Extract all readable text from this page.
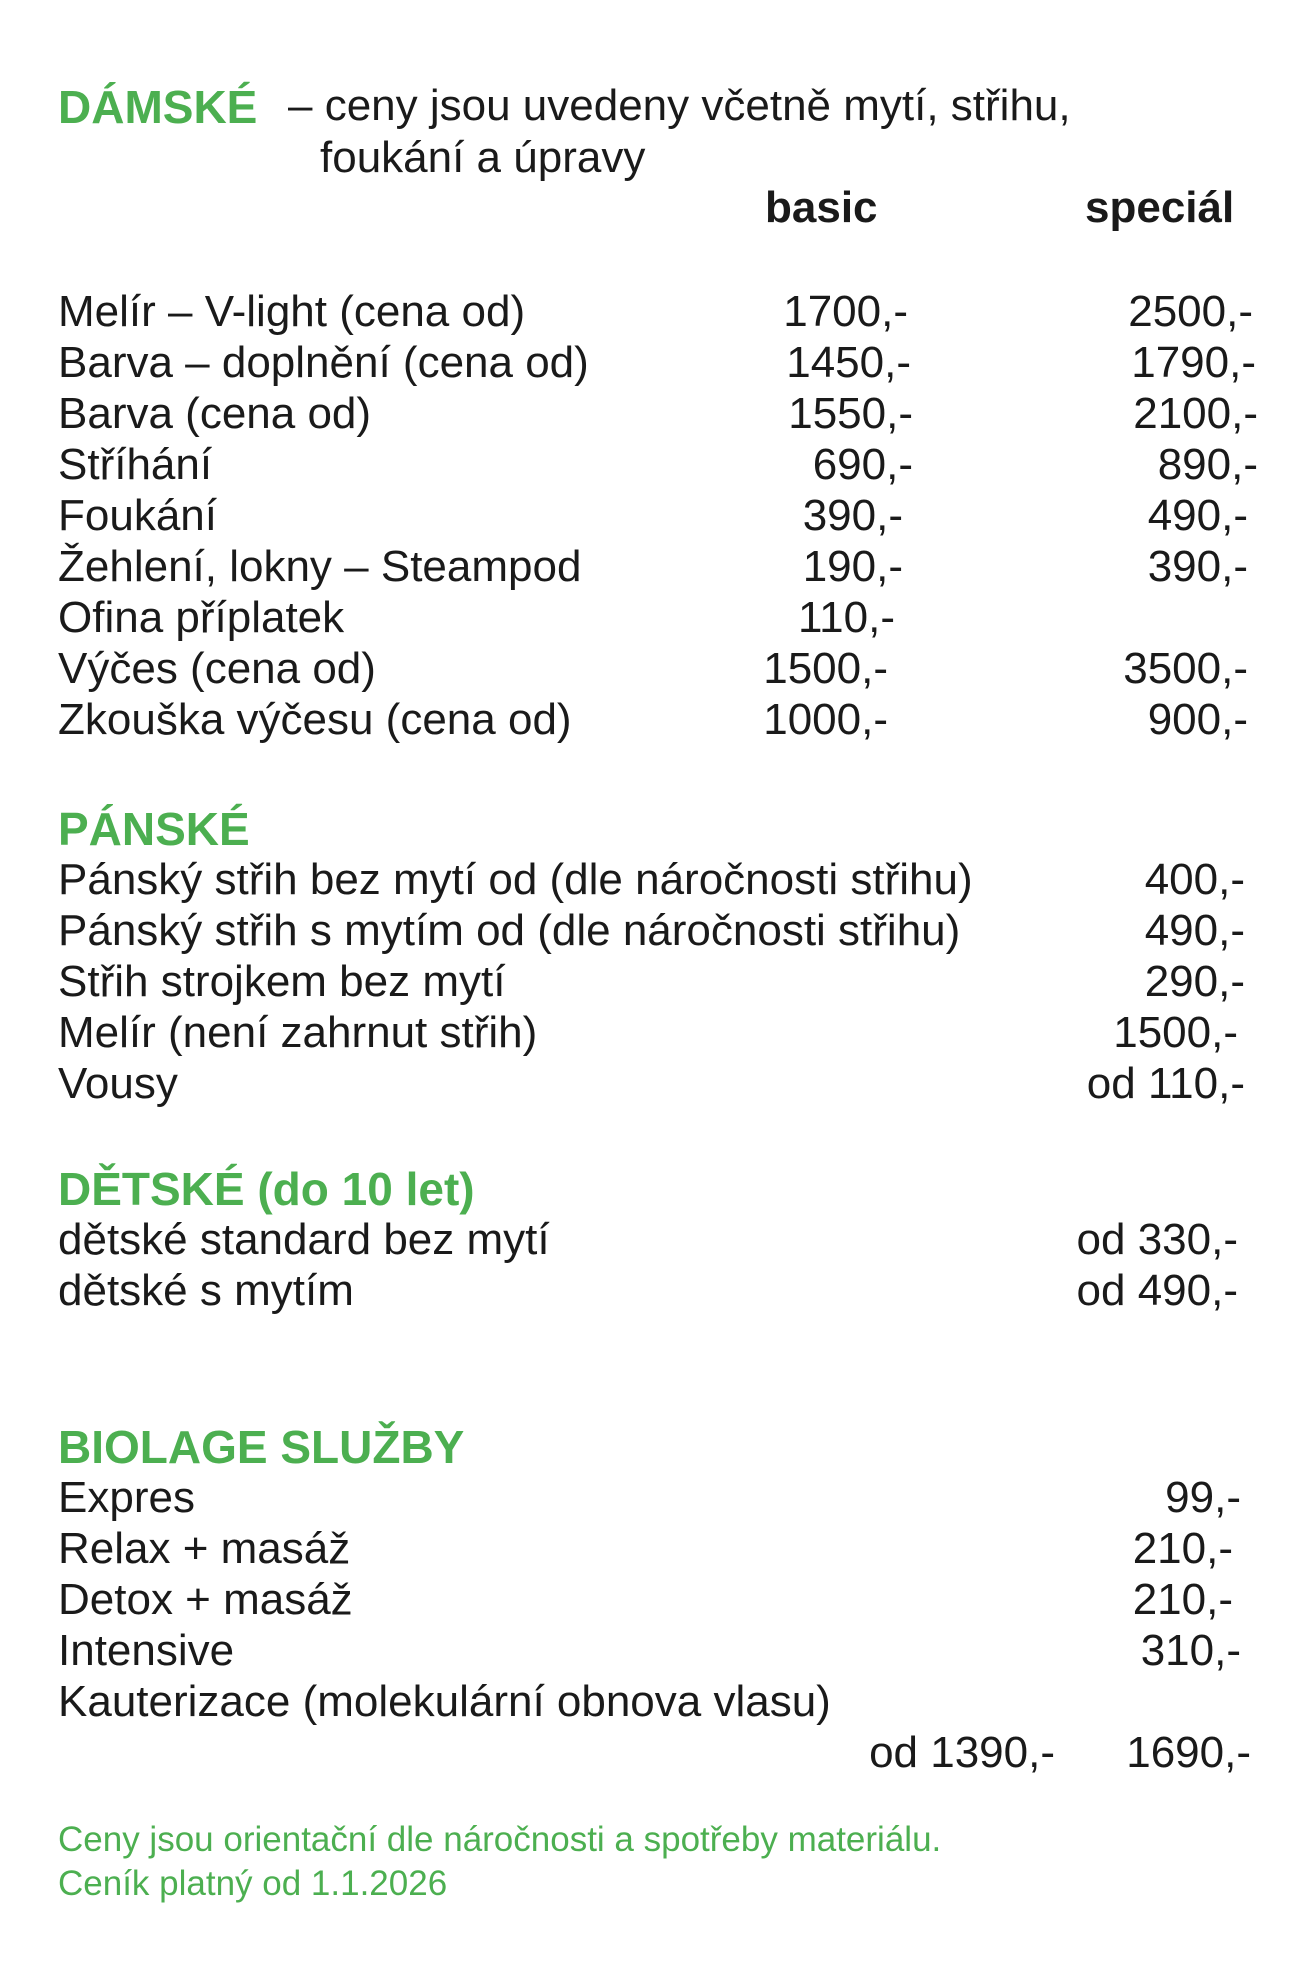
DÁMSKÉ – ceny jsou uvedeny včetně mytí, střihu,
foukání a úpravy
basic	speciál
Melír – V-light (cena od)	1700,-	2500,-
Barva – doplnění (cena od)	1450,-	1790,-
Barva (cena od)	1550,-	2100,-
Stříhání	690,-	890,-
Foukání	390,-	490,-
Žehlení, lokny – Steampod	190,-	390,-
Ofina příplatek	110,-
Výčes (cena od)	1500,-	3500,-
Zkouška výčesu (cena od)	1000,-	900,-
PÁNSKÉ
Pánský střih bez mytí od (dle náročnosti střihu)	400,-
Pánský střih s mytím od (dle náročnosti střihu)	490,-
Střih strojkem bez mytí	290,-
Melír (není zahrnut střih)	1500,-
Vousy	od 110,-
DĚTSKÉ (do 10 let)
dětské standard bez mytí	od 330,-
dětské s mytím	od 490,-
BIOLAGE SLUŽBY
Expres	99,-
Relax + masáž	210,-
Detox + masáž	210,-
Intensive	310,-
Kauterizace (molekulární obnova vlasu)
od 1390,- 1690,-
Ceny jsou orientační dle náročnosti a spotřeby materiálu.
Ceník platný od 1.1.2026
